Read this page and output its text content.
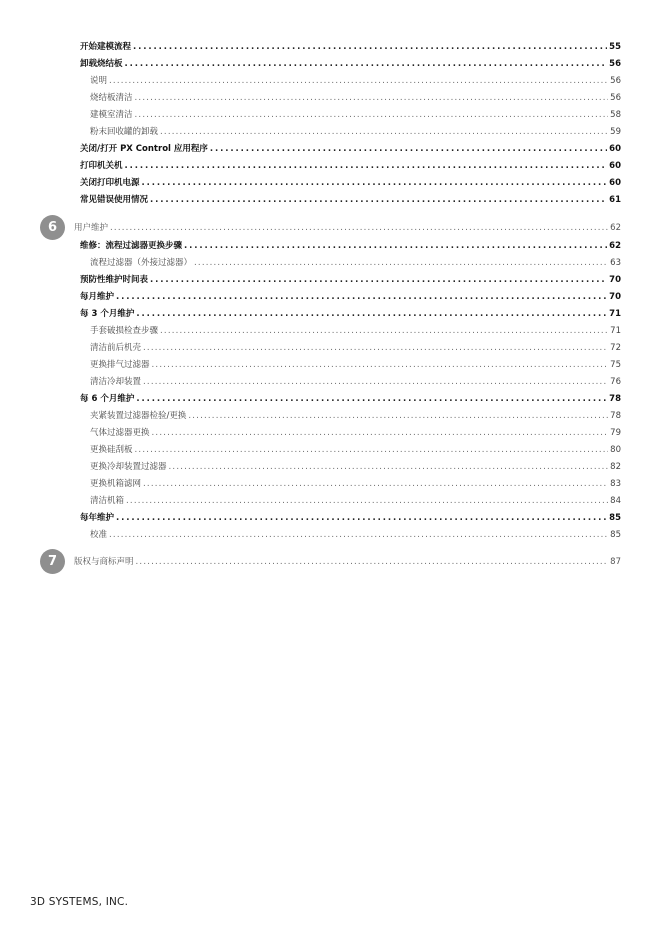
开始建模流程 .....	55
卸载烧结板 .....	56
说明 .....	56
烧结板清洁 .....	56
建模室清洁 .....	58
粉末回收罐的卸载 .....	59
关闭/打开 PX Control 应用程序 .....	60
打印机关机 .....	60
关闭打印机电源 .....	60
常见错误使用情况 .....	61
用户维护 .....	62
6
维修：流程过滤器更换步骤 .....	62
流程过滤器（外接过滤器） .....	63
预防性维护时间表 .....	70
每月维护 .....	70
每 3 个月维护 .....	71
手套破损检查步骤 .....	71
清洁前后机壳 .....	72
更换排气过滤器 .....	75
清洁冷却装置 .....	76
每 6 个月维护 .....	78
夹紧装置过滤器检验/更换 .....	78
气体过滤器更换 .....	79
更换硅刮板 .....	80
更换冷却装置过滤器 .....	82
更换机箱滤网 .....	83
清洁机箱 .....	84
每年维护 .....	85
校准 .....	85
版权与商标声明 .....	87
7
3D SYSTEMS, INC.
